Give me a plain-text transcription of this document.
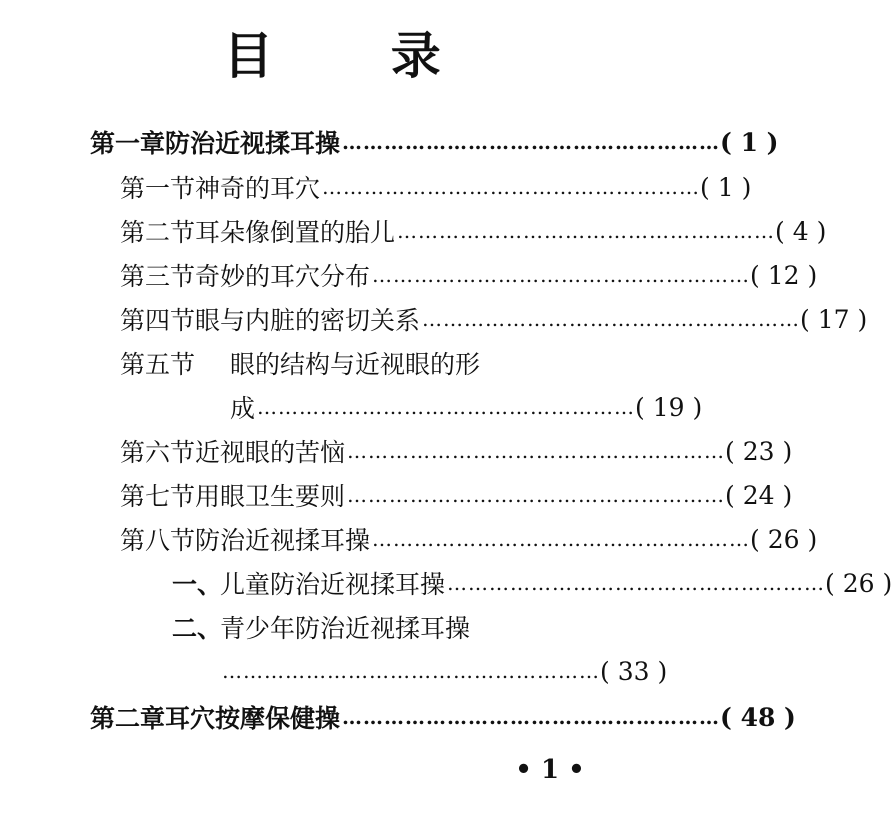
目 录
第一章 防治近视揉耳操 ……………………………………………… ( 1 )
第一节 神奇的耳穴 ……………………………………………… ( 1 )
第二节 耳朵像倒置的胎儿 ……………………………………………… ( 4 )
第三节 奇妙的耳穴分布 ……………………………………………… ( 12 )
第四节 眼与内脏的密切关系 ……………………………………………… ( 17 )
第五节	眼的结构与近视眼的形
成 ……………………………………………… ( 19 )
第六节 近视眼的苦恼 ……………………………………………… ( 23 )
第七节 用眼卫生要则 ……………………………………………… ( 24 )
第八节 防治近视揉耳操 ……………………………………………… ( 26 )
一、
儿童防治近视揉耳操 ……………………………………………… ( 26 )
二、
青少年防治近视揉耳操
……………………………………………… ( 33 )
第二章 耳穴按摩保健操 ……………………………………………… ( 48 )
• 1 •
